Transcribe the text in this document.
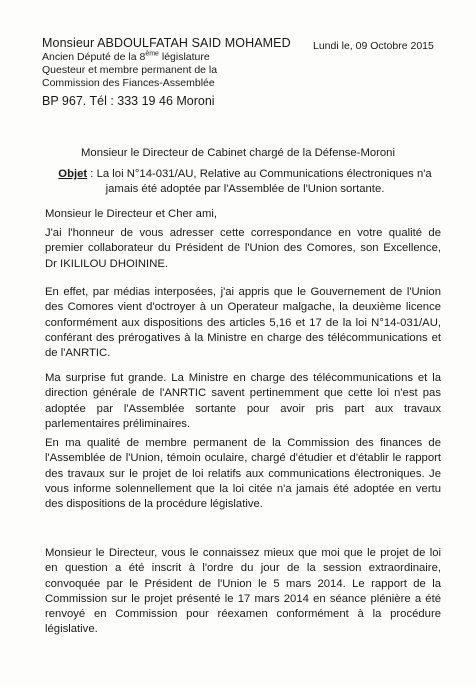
Monsieur ABDOULFATAH SAID MOHAMED
Ancien Député de la 8ème législature
Questeur et membre permanent de la
Commission des Fiances-Assemblée
BP 967. Tél : 333 19 46 Moroni
Lundi le, 09 Octobre 2015
Monsieur le Directeur de Cabinet chargé de la Défense-Moroni
Objet : La loi N°14-031/AU, Relative au Communications électroniques n'a jamais été adoptée par l'Assemblée de l'Union sortante.
Monsieur le Directeur et Cher ami,

J'ai l'honneur de vous adresser cette correspondance en votre qualité de premier collaborateur du Président de l'Union des Comores, son Excellence, Dr IKILILOU DHOININE.

En effet, par médias interposées, j'ai appris que le Gouvernement de l'Union des Comores vient d'octroyer à un Operateur malgache, la deuxième licence conformément aux dispositions des articles 5,16 et 17 de la loi N°14-031/AU, conférant des prérogatives à la Ministre en charge des télécommunications et de l'ANRTIC.

Ma surprise fut grande. La Ministre en charge des télécommunications et la direction générale de l'ANRTIC savent pertinemment que cette loi n'est pas adoptée par l'Assemblée sortante pour avoir pris part aux travaux parlementaires préliminaires.

En ma qualité de membre permanent de la Commission des finances de l'Assemblée de l'Union, témoin oculaire, chargé d'étudier et d'établir le rapport des travaux sur le projet de loi relatifs aux communications électroniques. Je vous informe solennellement que la loi citée n'a jamais été adoptée en vertu des dispositions de la procédure législative.

Monsieur le Directeur, vous le connaissez mieux que moi que le projet de loi en question a été inscrit à l'ordre du jour de la session extraordinaire, convoquée par le Président de l'Union le 5 mars 2014. Le rapport de la Commission sur le projet présenté le 17 mars 2014 en séance plénière a été renvoyé en Commission pour réexamen conformément à la procédure législative.
